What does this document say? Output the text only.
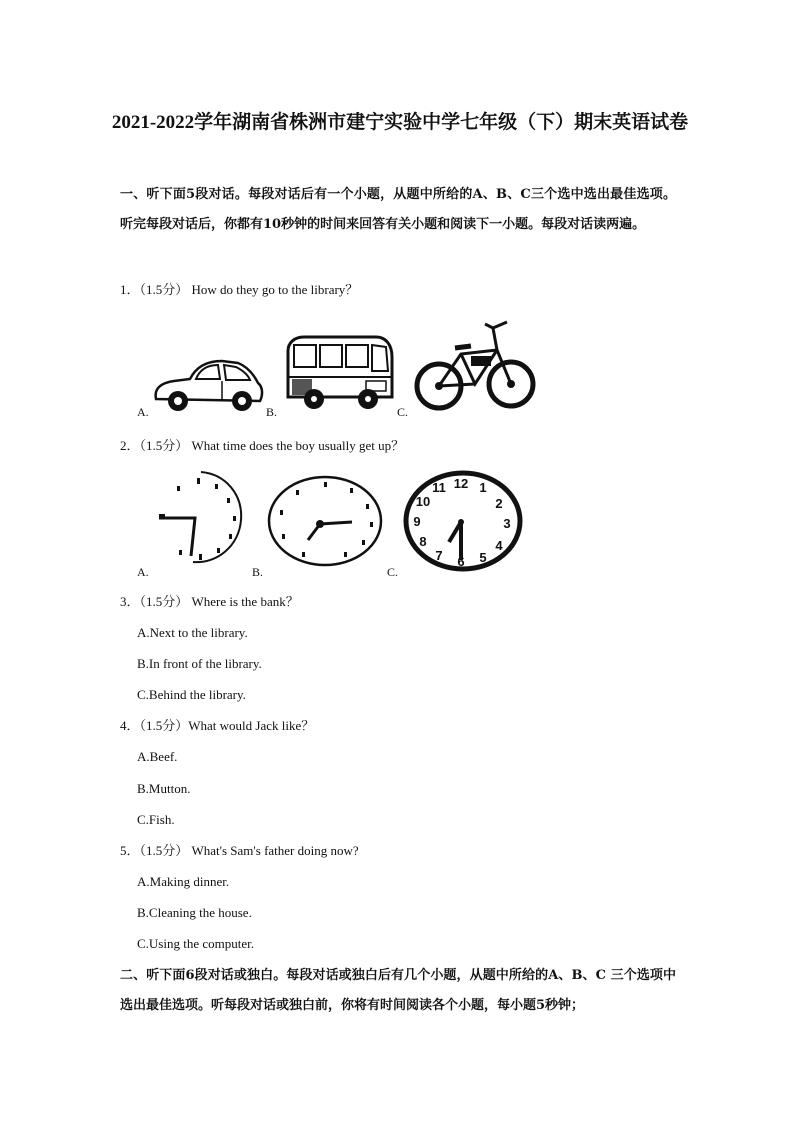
2021-2022学年湖南省株洲市建宁实验中学七年级（下）期末英语试卷
一、听下面5段对话。每段对话后有一个小题，从题中所给的A、B、C三个选中选出最佳选项。听完每段对话后，你都有10秒钟的时间来回答有关小题和阅读下一小题。每段对话读两遍。
1．（1.5分） How do they go to the library？
A.	B.	C.
2．（1.5分） What time does the boy usually get up？
12 1
2
3
4
5
6
7
8
9
10
11
A.	B.	C.
3．（1.5分） Where is the bank？
A.Next to the library.
B.In front of the library.
C.Behind the library.
4．（1.5分）What would Jack like？
A.Beef.
B.Mutton.
C.Fish.
5．（1.5分） What's Sam's father doing now?
A.Making dinner.
B.Cleaning the house.
C.Using the computer.
二、听下面6段对话或独白。每段对话或独白后有几个小题，从题中所给的A、B、C 三个选项中选出最佳选项。听每段对话或独白前，你将有时间阅读各个小题，每小题5秒钟；
